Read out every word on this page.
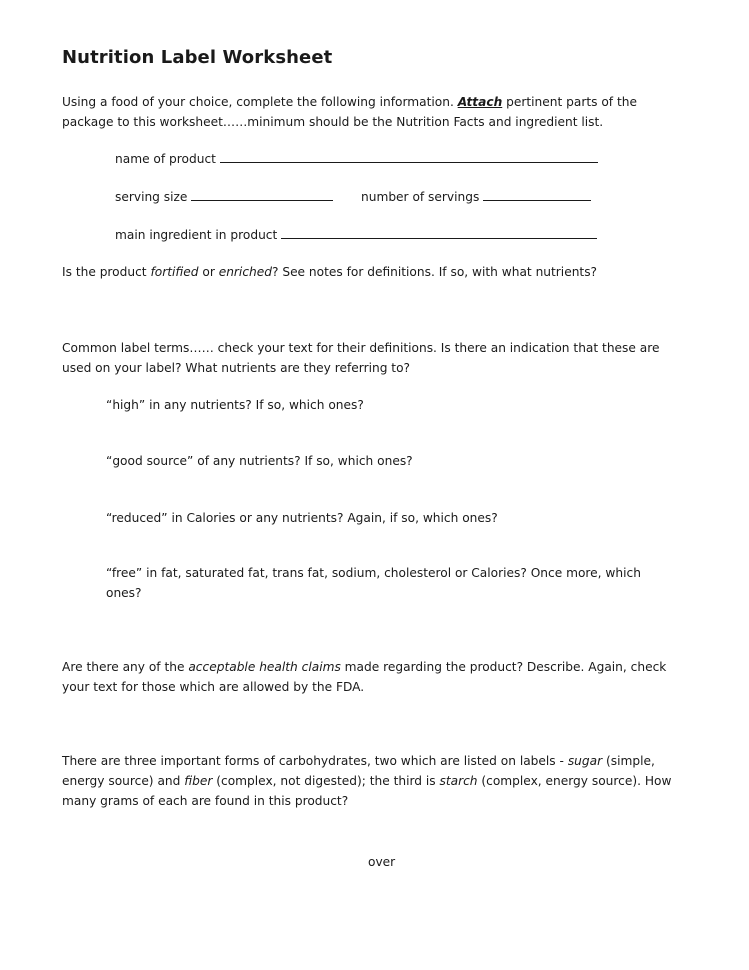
Nutrition Label Worksheet
Using a food of your choice, complete the following information. Attach pertinent parts of the
package to this worksheet……minimum should be the Nutrition Facts and ingredient list.
name of product
serving size	number of servings
main ingredient in product
Is the product fortified or enriched? See notes for definitions. If so, with what nutrients?
Common label terms…… check your text for their definitions. Is there an indication that these are
used on your label? What nutrients are they referring to?
“high” in any nutrients? If so, which ones?
“good source” of any nutrients? If so, which ones?
“reduced” in Calories or any nutrients? Again, if so, which ones?
“free” in fat, saturated fat, trans fat, sodium, cholesterol or Calories? Once more, which
ones?
Are there any of the acceptable health claims made regarding the product? Describe. Again, check
your text for those which are allowed by the FDA.
There are three important forms of carbohydrates, two which are listed on labels - sugar (simple,
energy source) and fiber (complex, not digested); the third is starch (complex, energy source). How
many grams of each are found in this product?
over
